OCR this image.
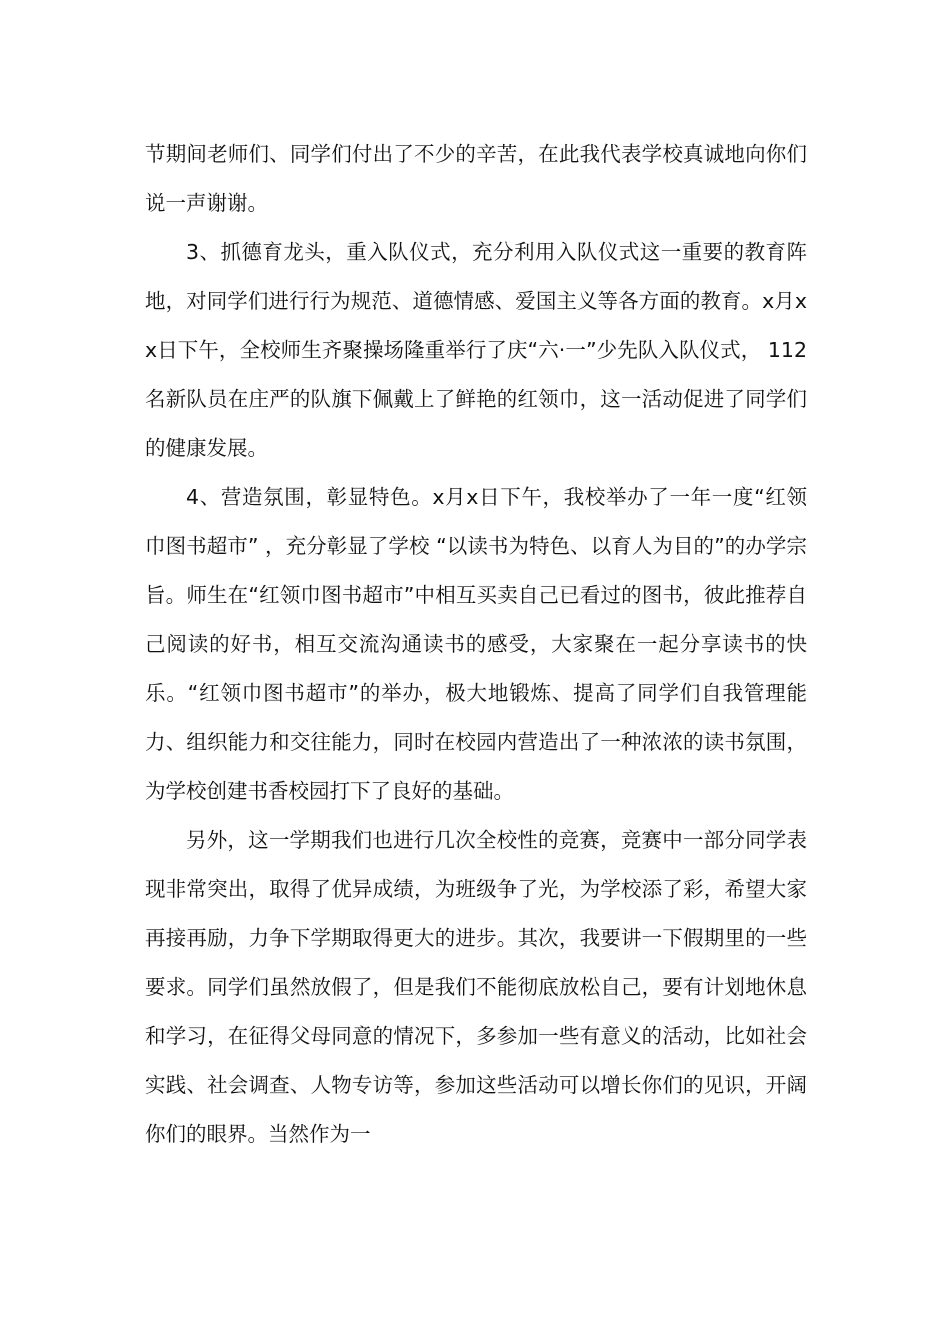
节期间老师们、同学们付出了不少的辛苦，在此我代表学校真诚地向你们说一声谢谢。

3、抓德育龙头，重入队仪式，充分利用入队仪式这一重要的教育阵地，对同学们进行行为规范、道德情感、爱国主义等各方面的教育。x月xx日下午，全校师生齐聚操场隆重举行了庆“六·一”少先队入队仪式， 112名新队员在庄严的队旗下佩戴上了鲜艳的红领巾，这一活动促进了同学们的健康发展。

4、营造氛围，彰显特色。x月x日下午，我校举办了一年一度“红领巾图书超市” ，充分彰显了学校 “以读书为特色、以育人为目的”的办学宗旨。师生在“红领巾图书超市”中相互买卖自己已看过的图书，彼此推荐自己阅读的好书，相互交流沟通读书的感受，大家聚在一起分享读书的快乐。“红领巾图书超市”的举办，极大地锻炼、提高了同学们自我管理能力、组织能力和交往能力，同时在校园内营造出了一种浓浓的读书氛围，为学校创建书香校园打下了良好的基础。

另外，这一学期我们也进行几次全校性的竞赛，竞赛中一部分同学表现非常突出，取得了优异成绩，为班级争了光，为学校添了彩，希望大家再接再励，力争下学期取得更大的进步。其次，我要讲一下假期里的一些要求。同学们虽然放假了，但是我们不能彻底放松自己，要有计划地休息和学习，在征得父母同意的情况下，多参加一些有意义的活动，比如社会实践、社会调查、人物专访等，参加这些活动可以增长你们的见识，开阔你们的眼界。当然作为一
